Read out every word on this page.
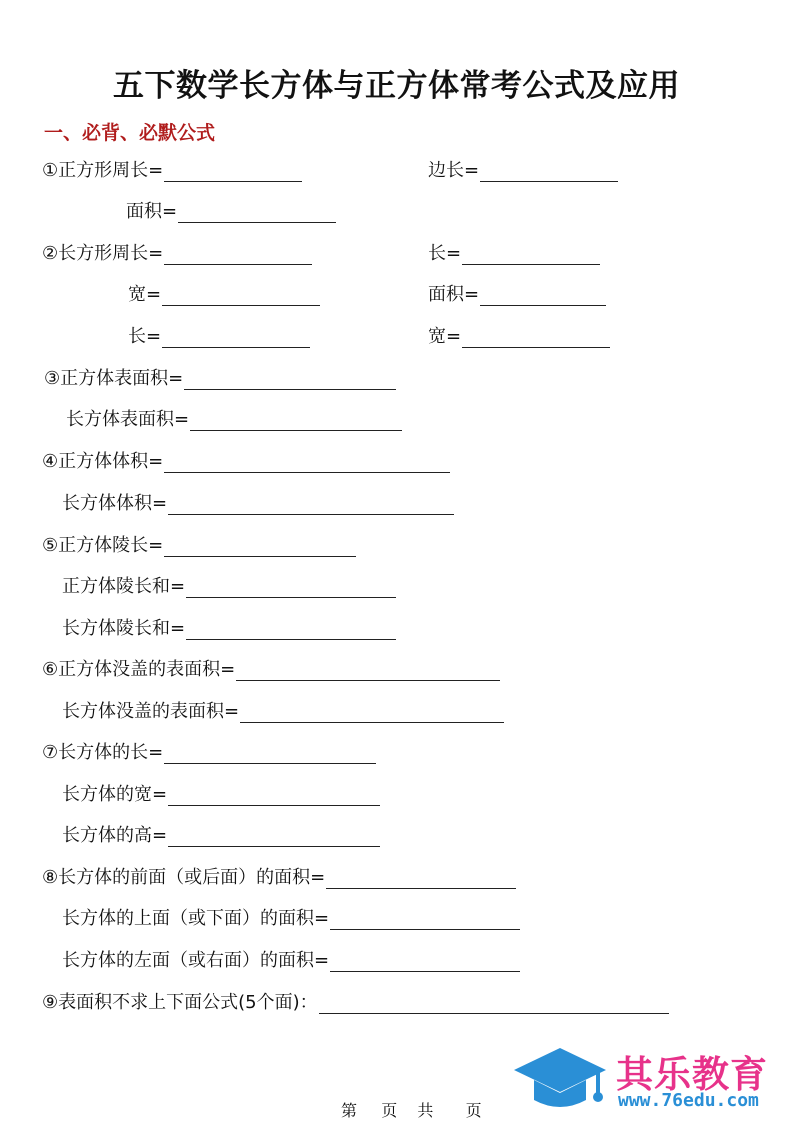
五下数学长方体与正方体常考公式及应用
一、必背、必默公式
①正方形周长=	边长=
面积=
②长方形周长=	长=
宽=	面积=
长=	宽=
③正方体表面积=
长方体表面积=
④正方体体积=
长方体体积=
⑤正方体陵长=
正方体陵长和=
长方体陵长和=
⑥正方体没盖的表面积=
长方体没盖的表面积=
⑦长方体的长=
长方体的宽=
长方体的高=
⑧长方体的前面（或后面）的面积=
长方体的上面（或下面）的面积=
长方体的左面（或右面）的面积=
⑨表面积不求上下面公式(5个面)：
其乐教育
www.76edu.com
第 页 共 页
